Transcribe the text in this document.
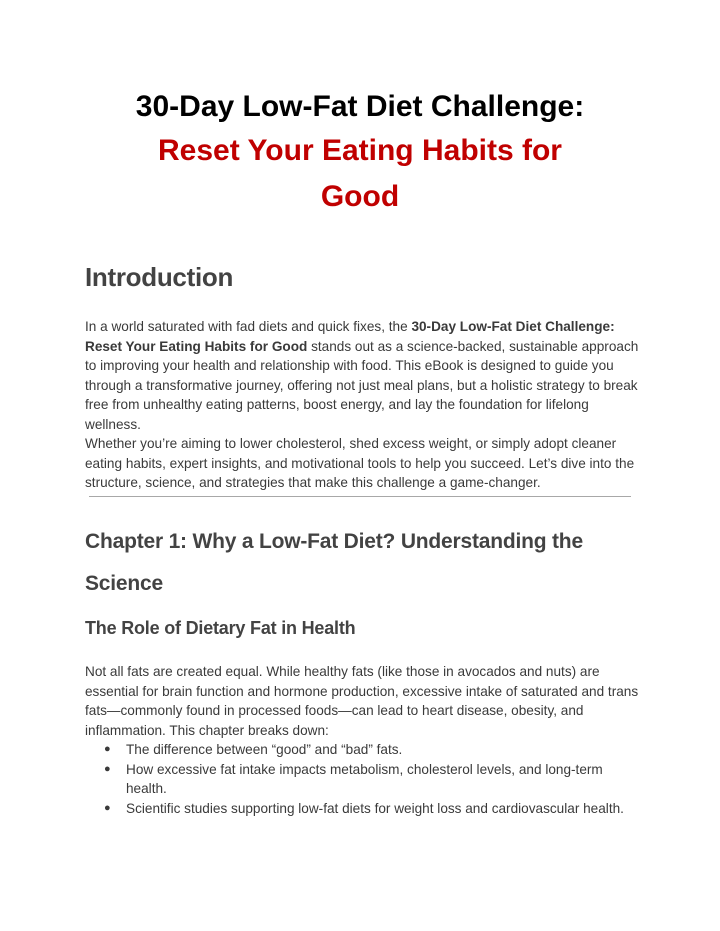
30-Day Low-Fat Diet Challenge:

Reset Your Eating Habits for

Good

Introduction

In a world saturated with fad diets and quick fixes, the 30-Day Low-Fat Diet Challenge: Reset Your Eating Habits for Good stands out as a science-backed, sustainable approach to improving your health and relationship with food. This eBook is designed to guide you through a transformative journey, offering not just meal plans, but a holistic strategy to break free from unhealthy eating patterns, boost energy, and lay the foundation for lifelong wellness.

Whether you’re aiming to lower cholesterol, shed excess weight, or simply adopt cleaner eating habits, expert insights, and motivational tools to help you succeed. Let’s dive into the structure, science, and strategies that make this challenge a game-changer.

Chapter 1: Why a Low-Fat Diet? Understanding the Science
The Role of Dietary Fat in Health

Not all fats are created equal. While healthy fats (like those in avocados and nuts) are essential for brain function and hormone production, excessive intake of saturated and trans fats—commonly found in processed foods—can lead to heart disease, obesity, and inflammation. This chapter breaks down:

● The difference between “good” and “bad” fats.
● How excessive fat intake impacts metabolism, cholesterol levels, and long-term health.
● Scientific studies supporting low-fat diets for weight loss and cardiovascular health.
